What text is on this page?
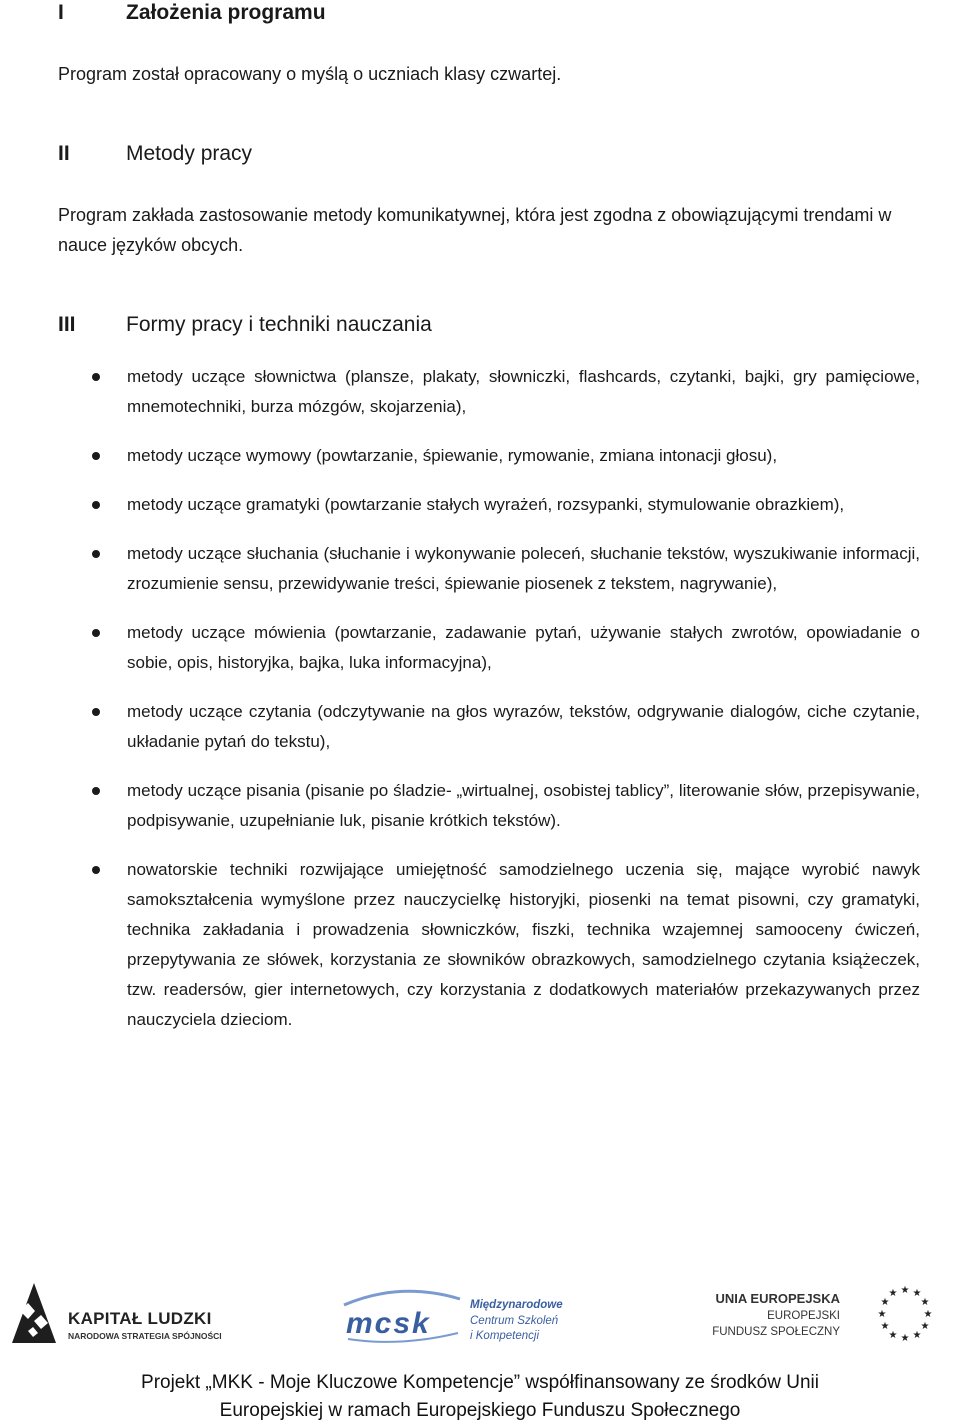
I	Założenia programu
Program został opracowany o myślą o uczniach klasy czwartej.
II	Metody pracy
Program zakłada zastosowanie metody komunikatywnej, która jest zgodna z obowiązującymi trendami w nauce języków obcych.
III Formy pracy i techniki nauczania
metody uczące słownictwa (plansze, plakaty, słowniczki, flashcards, czytanki, bajki, gry pamięciowe, mnemotechniki, burza mózgów, skojarzenia),
metody uczące wymowy (powtarzanie, śpiewanie, rymowanie, zmiana intonacji głosu),
metody uczące gramatyki (powtarzanie stałych wyrażeń, rozsypanki, stymulowanie obrazkiem),
metody uczące słuchania (słuchanie i wykonywanie poleceń, słuchanie tekstów, wyszukiwanie informacji, zrozumienie sensu, przewidywanie treści, śpiewanie piosenek z tekstem, nagrywanie),
metody uczące mówienia (powtarzanie, zadawanie pytań, używanie stałych zwrotów, opowiadanie o sobie, opis, historyjka, bajka, luka informacyjna),
metody uczące czytania (odczytywanie na głos wyrazów, tekstów, odgrywanie dialogów, ciche czytanie, układanie pytań do tekstu),
metody uczące pisania (pisanie po śladzie- „wirtualnej, osobistej tablicy”, literowanie słów, przepisywanie, podpisywanie, uzupełnianie luk, pisanie krótkich tekstów).
nowatorskie techniki rozwijające umiejętność samodzielnego uczenia się, mające wyrobić nawyk samokształcenia wymyślone przez nauczycielkę historyjki, piosenki na temat pisowni, czy gramatyki, technika zakładania i prowadzenia słowniczków, fiszki, technika wzajemnej samooceny ćwiczeń, przepytywania ze słówek, korzystania ze słowników obrazkowych, samodzielnego czytania książeczek, tzw. readersów, gier internetowych, czy korzystania z dodatkowych materiałów przekazywanych przez nauczyciela dzieciom.
KAPITAŁ LUDZKI
NARODOWA STRATEGIA SPÓJNOŚCI	mcsk
Międzynarodowe
Centrum Szkoleń
i Kompetencji
UNIA EUROPEJSKA
EUROPEJSKI
FUNDUSZ SPOŁECZNY
★ ★
★
★
★
★
★
★
★
★
★
★
Projekt „MKK - Moje Kluczowe Kompetencje” współfinansowany ze środków Unii
Europejskiej w ramach Europejskiego Funduszu Społecznego
